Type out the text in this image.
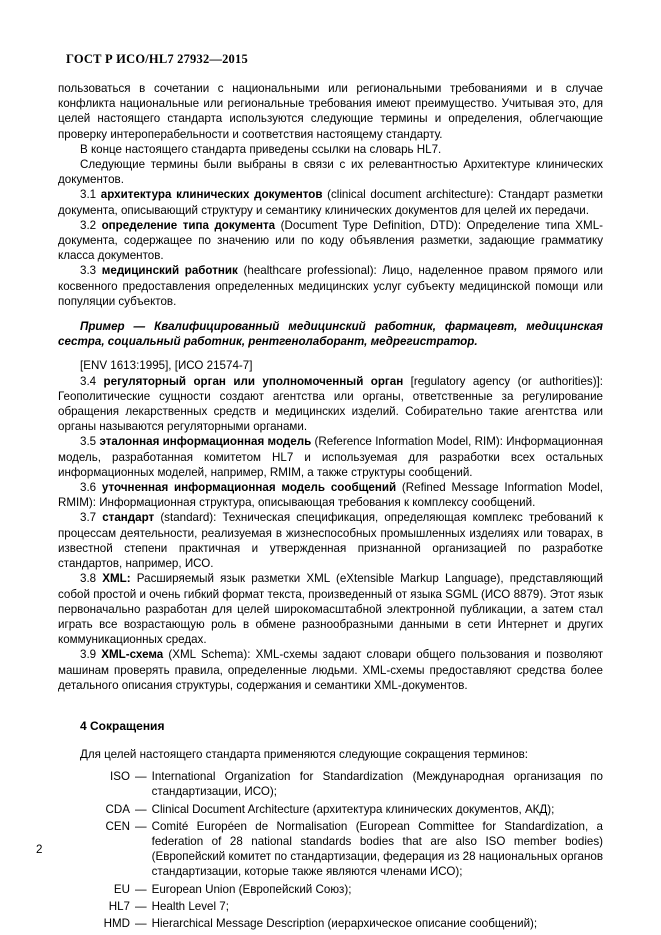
ГОСТ Р ИСО/HL7 27932—2015

пользоваться в сочетании с национальными или региональными требованиями и в случае конфликта национальные или региональные требования имеют преимущество. Учитывая это, для целей настоящего стандарта используются следующие термины и определения, облегчающие проверку интероперабельности и соответствия настоящему стандарту.

В конце настоящего стандарта приведены ссылки на словарь HL7.

Следующие термины были выбраны в связи с их релевантностью Архитектуре клинических документов.

3.1 архитектура клинических документов (clinical document architecture): Стандарт разметки документа, описывающий структуру и семантику клинических документов для целей их передачи.

3.2 определение типа документа (Document Type Definition, DTD): Определение типа XML-документа, содержащее по значению или по коду объявления разметки, задающие грамматику класса документов.

3.3 медицинский работник (healthcare professional): Лицо, наделенное правом прямого или косвенного предоставления определенных медицинских услуг субъекту медицинской помощи или популяции субъектов.

Пример — Квалифицированный медицинский работник, фармацевт, медицинская сестра, социальный работник, рентгенолаборант, медрегистратор.

[ENV 1613:1995], [ИСО 21574-7]

3.4 регуляторный орган или уполномоченный орган [regulatory agency (or authorities)]: Геополитические сущности создают агентства или органы, ответственные за регулирование обращения лекарственных средств и медицинских изделий. Собирательно такие агентства или органы называются регуляторными органами.

3.5 эталонная информационная модель (Reference Information Model, RIM): Информационная модель, разработанная комитетом HL7 и используемая для разработки всех остальных информационных моделей, например, RMIM, а также структуры сообщений.

3.6 уточненная информационная модель сообщений (Refined Message Information Model, RMIM): Информационная структура, описывающая требования к комплексу сообщений.

3.7 стандарт (standard): Техническая спецификация, определяющая комплекс требований к процессам деятельности, реализуемая в жизнеспособных промышленных изделиях или товарах, в известной степени практичная и утвержденная признанной организацией по разработке стандартов, например, ИСО.

3.8 XML: Расширяемый язык разметки XML (eXtensible Markup Language), представляющий собой простой и очень гибкий формат текста, произведенный от языка SGML (ИСО 8879). Этот язык первоначально разработан для целей широкомасштабной электронной публикации, а затем стал играть все возрастающую роль в обмене разнообразными данными в сети Интернет и других коммуникационных средах.

3.9 XML-схема (XML Schema): XML-схемы задают словари общего пользования и позволяют машинам проверять правила, определенные людьми. XML-схемы предоставляют средства более детального описания структуры, содержания и семантики XML-документов.

4 Сокращения

Для целей настоящего стандарта применяются следующие сокращения терминов:

ISO — International Organization for Standardization (Международная организация по стандартизации, ИСО);
CDA — Clinical Document Architecture (архитектура клинических документов, АКД);
CEN — Comité Européen de Normalisation (European Committee for Standardization, a federation of 28 national standards bodies that are also ISO member bodies) (Европейский комитет по стандартизации, федерация из 28 национальных органов стандартизации, которые также являются членами ИСО);
EU — European Union (Европейский Союз);
HL7 — Health Level 7;
HMD — Hierarchical Message Description (иерархическое описание сообщений);
2
